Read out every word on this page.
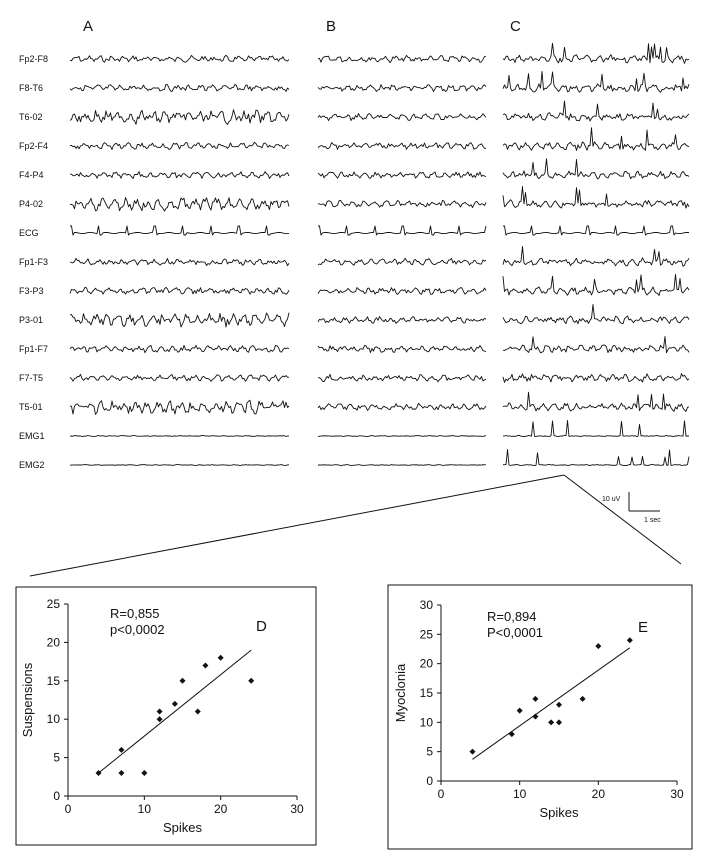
A	B	C
Fp2-F8
F8-T6
T6-02
Fp2-F4
F4-P4
P4-02
ECG
Fp1-F3
F3-P3
P3-01
Fp1-F7
F7-T5
T5-01
EMG1
EMG2
10 uV
1 sec
0	10	20	30
0
5
10
15
20
25
Spikes
Suspensions
R=0,855
p<0,0002	D
0	10	20	30
0
5
10
15
20
25
30
Spikes
Myoclonia
R=0,894
P<0,0001	E
